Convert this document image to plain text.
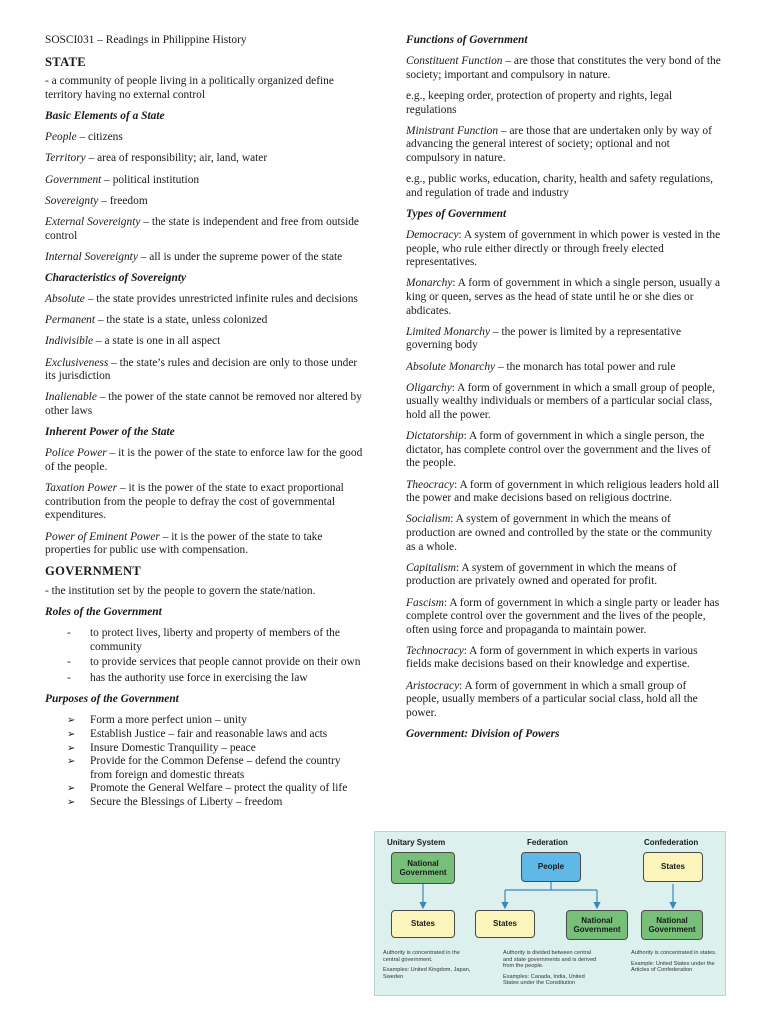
SOSCI031 – Readings in Philippine History

STATE

- a community of people living in a politically organized define territory having no external control

Basic Elements of a State

People – citizens

Territory – area of responsibility; air, land, water

Government – political institution

Sovereignty – freedom

External Sovereignty – the state is independent and free from outside control

Internal Sovereignty – all is under the supreme power of the state

Characteristics of Sovereignty

Absolute – the state provides unrestricted infinite rules and decisions

Permanent – the state is a state, unless colonized

Indivisible – a state is one in all aspect

Exclusiveness – the state’s rules and decision are only to those under its jurisdiction

Inalienable – the power of the state cannot be removed nor altered by other laws

Inherent Power of the State

Police Power – it is the power of the state to enforce law for the good of the people.

Taxation Power – it is the power of the state to exact proportional contribution from the people to defray the cost of governmental expenditures.

Power of Eminent Power – it is the power of the state to take properties for public use with compensation.

GOVERNMENT

- the institution set by the people to govern the state/nation.

Roles of the Government

- to protect lives, liberty and property of members of the community
- to provide services that people cannot provide on their own
- has the authority use force in exercising the law

Purposes of the Government

➢ Form a more perfect union – unity
➢ Establish Justice – fair and reasonable laws and acts
➢ Insure Domestic Tranquility – peace
➢ Provide for the Common Defense – defend the country from foreign and domestic threats
➢ Promote the General Welfare – protect the quality of life
➢ Secure the Blessings of Liberty – freedom

Functions of Government

Constituent Function – are those that constitutes the very bond of the society; important and compulsory in nature.

e.g., keeping order, protection of property and rights, legal regulations

Ministrant Function – are those that are undertaken only by way of advancing the general interest of society; optional and not compulsory in nature.

e.g., public works, education, charity, health and safety regulations, and regulation of trade and industry

Types of Government

Democracy: A system of government in which power is vested in the people, who rule either directly or through freely elected representatives.

Monarchy: A form of government in which a single person, usually a king or queen, serves as the head of state until he or she dies or abdicates.

Limited Monarchy – the power is limited by a representative governing body

Absolute Monarchy – the monarch has total power and rule

Oligarchy: A form of government in which a small group of people, usually wealthy individuals or members of a particular social class, hold all the power.

Dictatorship: A form of government in which a single person, the dictator, has complete control over the government and the lives of the people.

Theocracy: A form of government in which religious leaders hold all the power and make decisions based on religious doctrine.

Socialism: A system of government in which the means of production are owned and controlled by the state or the community as a whole.

Capitalism: A system of government in which the means of production are privately owned and operated for profit.

Fascism: A form of government in which a single party or leader has complete control over the government and the lives of the people, often using force and propaganda to maintain power.

Technocracy: A form of government in which experts in various fields make decisions based on their knowledge and expertise.

Aristocracy: A form of government in which a small group of people, usually members of a particular social class, hold all the power.

Government: Division of Powers

Unitary System	Federation	Confederation
National Government
States
People
States	National Government
States
National Government

Authority is concentrated in the central government.

Examples: United Kingdom, Japan, Sweden

Authority is divided between central and state governments and is derived from the people.

Examples: Canada, India, United States under the Constitution

Authority is concentrated in states.

Example: United States under the Articles of Confederation
